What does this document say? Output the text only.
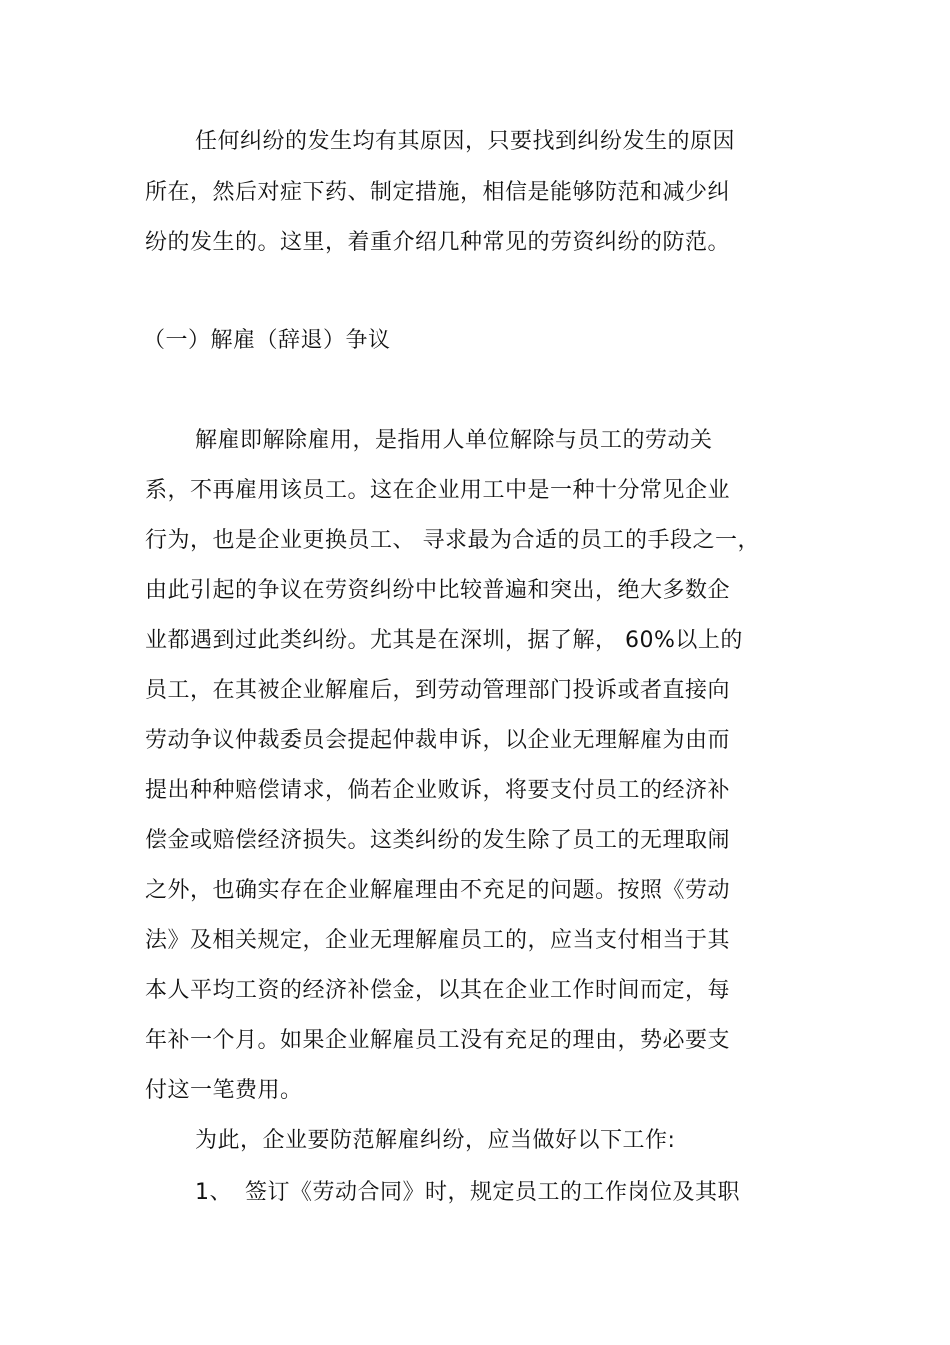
任何纠纷的发生均有其原因，只要找到纠纷发生的原因
所在，然后对症下药、制定措施，相信是能够防范和减少纠
纷的发生的。这里，着重介绍几种常见的劳资纠纷的防范。
（一）解雇（辞退）争议
解雇即解除雇用，是指用人单位解除与员工的劳动关
系，不再雇用该员工。这在企业用工中是一种十分常见企业
行为，也是企业更换员工、 寻求最为合适的员工的手段之一，
由此引起的争议在劳资纠纷中比较普遍和突出，绝大多数企
业都遇到过此类纠纷。尤其是在深圳，据了解， 60%以上的
员工，在其被企业解雇后，到劳动管理部门投诉或者直接向
劳动争议仲裁委员会提起仲裁申诉，以企业无理解雇为由而
提出种种赔偿请求，倘若企业败诉，将要支付员工的经济补
偿金或赔偿经济损失。这类纠纷的发生除了员工的无理取闹
之外，也确实存在企业解雇理由不充足的问题。按照《劳动
法》及相关规定，企业无理解雇员工的，应当支付相当于其
本人平均工资的经济补偿金，以其在企业工作时间而定，每
年补一个月。如果企业解雇员工没有充足的理由，势必要支
付这一笔费用。
为此，企业要防范解雇纠纷，应当做好以下工作:
1、 签订《劳动合同》时，规定员工的工作岗位及其职
